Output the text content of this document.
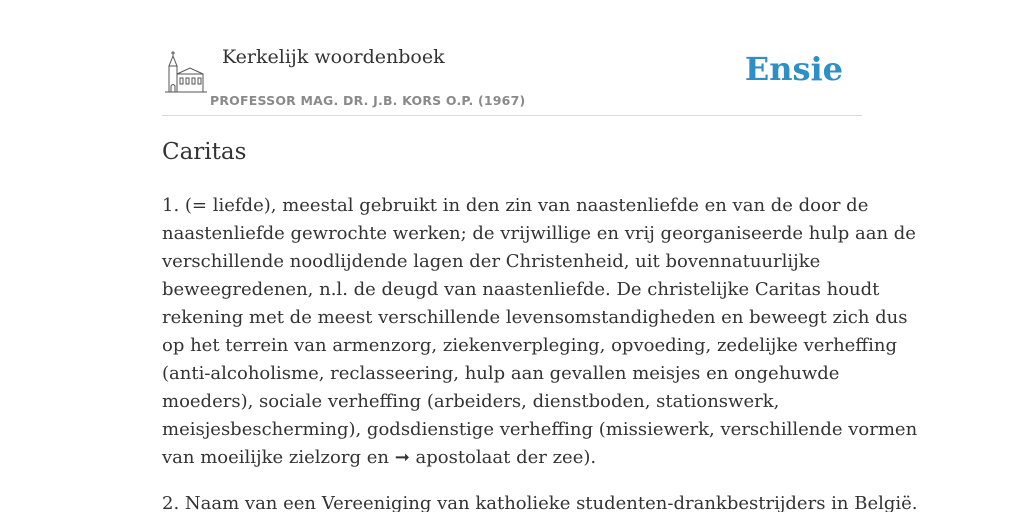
Kerkelijk woordenboek
PROFESSOR MAG. DR. J.B. KORS O.P. (1967)
Ensie
Caritas

1. (= liefde), meestal gebruikt in den zin van naastenliefde en van de door de
naastenliefde gewrochte werken; de vrijwillige en vrij georganiseerde hulp aan de
verschillende noodlijdende lagen der Christenheid, uit bovennatuurlijke
beweegredenen, n.l. de deugd van naastenliefde. De christelijke Caritas houdt
rekening met de meest verschillende levensomstandigheden en beweegt zich dus
op het terrein van armenzorg, ziekenverpleging, opvoeding, zedelijke verheffing
(anti-alcoholisme, reclasseering, hulp aan gevallen meisjes en ongehuwde
moeders), sociale verheffing (arbeiders, dienstboden, stationswerk,
meisjesbescherming), godsdienstige verheffing (missiewerk, verschillende vormen
van moeilijke zielzorg en ➞ apostolaat der zee).

2. Naam van een Vereeniging van katholieke studenten-drankbestrijders in België.
